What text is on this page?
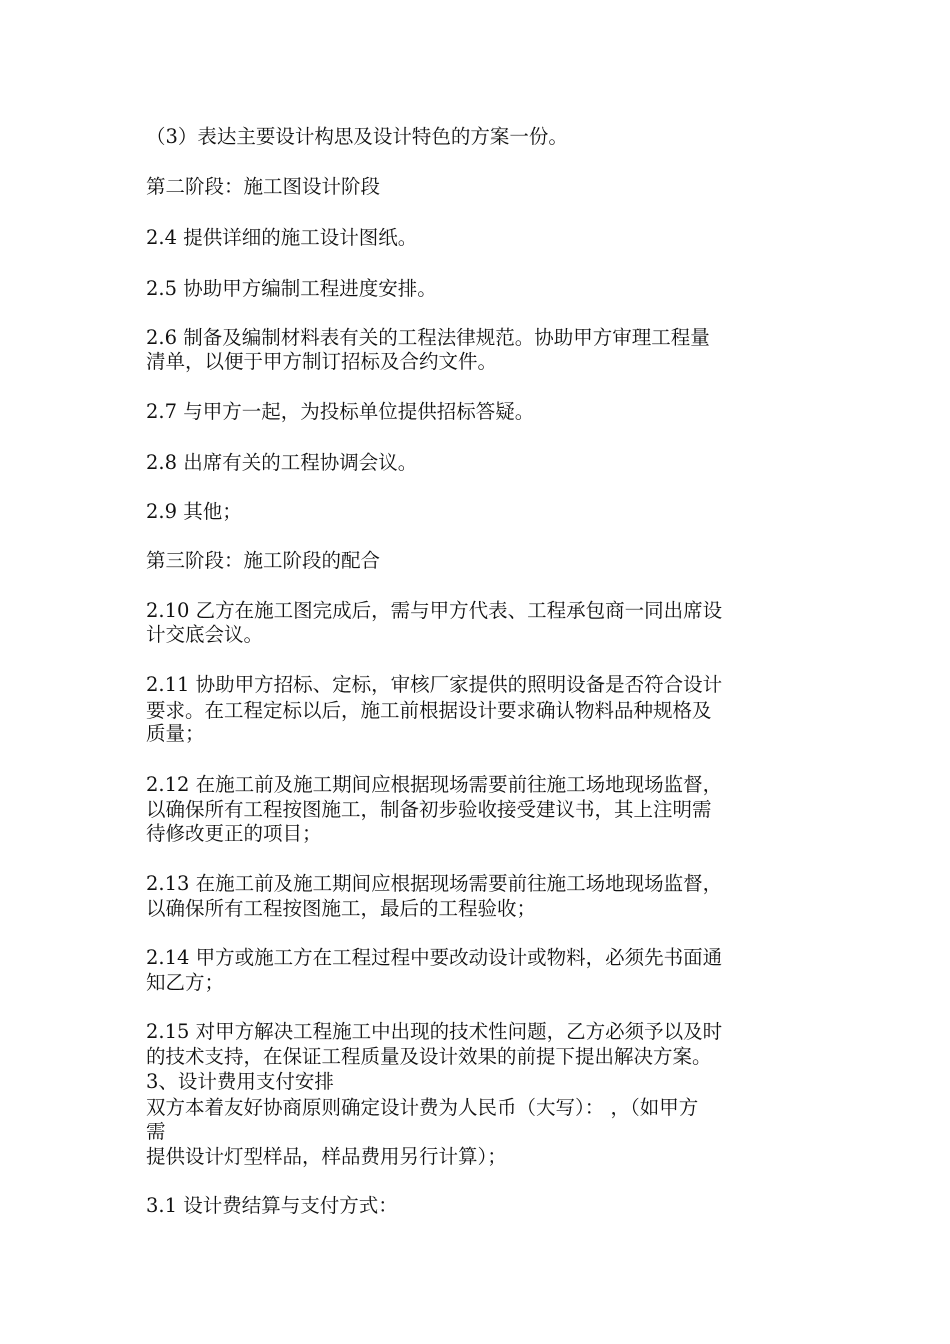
（3）表达主要设计构思及设计特色的方案一份。

第二阶段：施工图设计阶段

2.4 提供详细的施工设计图纸。

2.5 协助甲方编制工程进度安排。

2.6 制备及编制材料表有关的工程法律规范。协助甲方审理工程量

清单，以便于甲方制订招标及合约文件。

2.7 与甲方一起，为投标单位提供招标答疑。

2.8 出席有关的工程协调会议。

2.9 其他；

第三阶段：施工阶段的配合

2.10 乙方在施工图完成后，需与甲方代表、工程承包商一同出席设

计交底会议。

2.11 协助甲方招标、定标，审核厂家提供的照明设备是否符合设计

要求。在工程定标以后，施工前根据设计要求确认物料品种规格及

质量；

2.12 在施工前及施工期间应根据现场需要前往施工场地现场监督，

以确保所有工程按图施工，制备初步验收接受建议书，其上注明需

待修改更正的项目；

2.13 在施工前及施工期间应根据现场需要前往施工场地现场监督，

以确保所有工程按图施工，最后的工程验收；

2.14 甲方或施工方在工程过程中要改动设计或物料，必须先书面通

知乙方；

2.15 对甲方解决工程施工中出现的技术性问题，乙方必须予以及时

的技术支持，在保证工程质量及设计效果的前提下提出解决方案。

3、设计费用支付安排

双方本着友好协商原则确定设计费为人民币（大写）： ，（如甲方

需

提供设计灯型样品，样品费用另行计算）；

3.1 设计费结算与支付方式：
